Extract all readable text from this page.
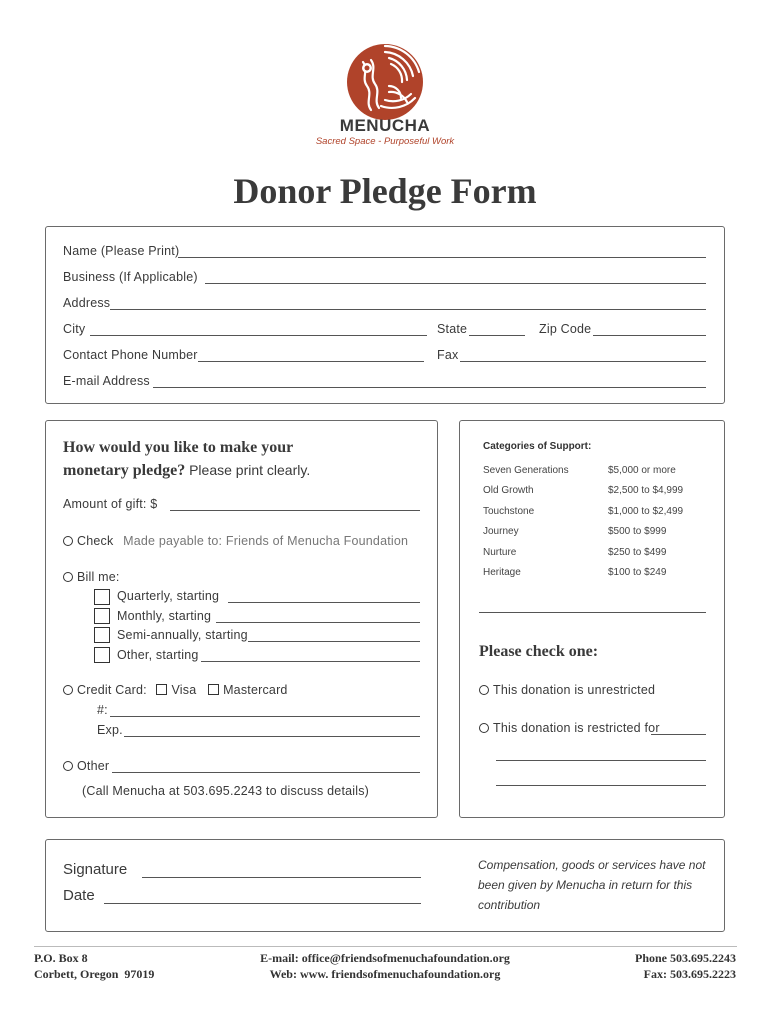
MENUCHA
Sacred Space - Purposeful Work
Donor Pledge Form
Name (Please Print)
Business (If Applicable)
Address
City	State	Zip Code
Contact Phone Number	Fax
E-mail Address
How would you like to make your
monetary pledge? Please print clearly.
Amount of gift: $
Check Made payable to: Friends of Menucha Foundation
Bill me:
Quarterly, starting
Monthly, starting
Semi-annually, starting
Other, starting
Credit Card: Visa Mastercard
#:
Exp.
Other
(Call Menucha at 503.695.2243 to discuss details)
Categories of Support:
Seven Generations	$5,000 or more
Old Growth	$2,500 to $4,999
Touchstone	$1,000 to $2,499
Journey	$500 to $999
Nurture	$250 to $499
Heritage	$100 to $249
Please check one:
This donation is unrestricted
This donation is restricted for
Signature
Date
Compensation, goods or services have not
been given by Menucha in return for this
contribution
P.O. Box 8
Corbett, Oregon  97019
E-mail: office@friendsofmenuchafoundation.org
Web: www. friendsofmenuchafoundation.org
Phone 503.695.2243
Fax: 503.695.2223
